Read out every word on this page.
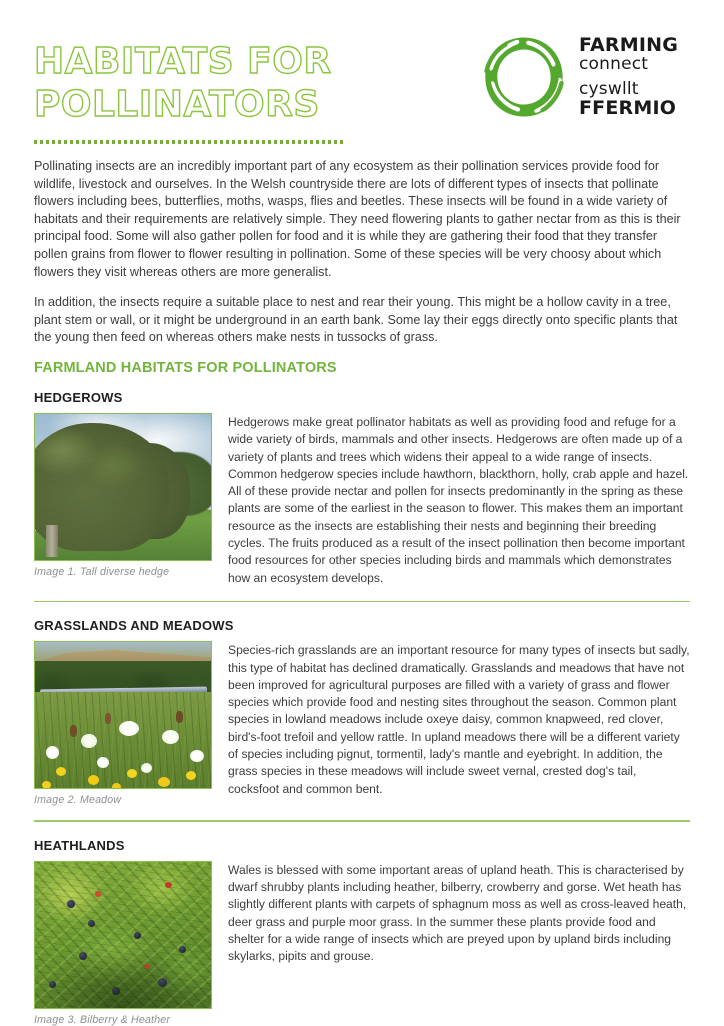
HABITATS FOR
POLLINATORS
FARMING
connect
cyswllt
FFERMIO

Pollinating insects are an incredibly important part of any ecosystem as their pollination services provide food for wildlife, livestock and ourselves. In the Welsh countryside there are lots of different types of insects that pollinate flowers including bees, butterflies, moths, wasps, flies and beetles. These insects will be found in a wide variety of habitats and their requirements are relatively simple. They need flowering plants to gather nectar from as this is their principal food. Some will also gather pollen for food and it is while they are gathering their food that they transfer pollen grains from flower to flower resulting in pollination. Some of these species will be very choosy about which flowers they visit whereas others are more generalist.

In addition, the insects require a suitable place to nest and rear their young. This might be a hollow cavity in a tree, plant stem or wall, or it might be underground in an earth bank. Some lay their eggs directly onto specific plants that the young then feed on whereas others make nests in tussocks of grass.

FARMLAND HABITATS FOR POLLINATORS
HEDGEROWS
Image 1. Tall diverse hedge
Hedgerows make great pollinator habitats as well as providing food and refuge for a wide variety of birds, mammals and other insects. Hedgerows are often made up of a variety of plants and trees which widens their appeal to a wide range of insects. Common hedgerow species include hawthorn, blackthorn, holly, crab apple and hazel. All of these provide nectar and pollen for insects predominantly in the spring as these plants are some of the earliest in the season to flower. This makes them an important resource as the insects are establishing their nests and beginning their breeding cycles. The fruits produced as a result of the insect pollination then become important food resources for other species including birds and mammals which demonstrates how an ecosystem develops.
GRASSLANDS AND MEADOWS
Image 2. Meadow
Species-rich grasslands are an important resource for many types of insects but sadly, this type of habitat has declined dramatically. Grasslands and meadows that have not been improved for agricultural purposes are filled with a variety of grass and flower species which provide food and nesting sites throughout the season. Common plant species in lowland meadows include oxeye daisy, common knapweed, red clover, bird's-foot trefoil and yellow rattle. In upland meadows there will be a different variety of species including pignut, tormentil, lady's mantle and eyebright. In addition, the grass species in these meadows will include sweet vernal, crested dog's tail, cocksfoot and common bent.
HEATHLANDS
Image 3. Bilberry & Heather
Wales is blessed with some important areas of upland heath. This is characterised by dwarf shrubby plants including heather, bilberry, crowberry and gorse. Wet heath has slightly different plants with carpets of sphagnum moss as well as cross-leaved heath, deer grass and purple moor grass. In the summer these plants provide food and shelter for a wide range of insects which are preyed upon by upland birds including skylarks, pipits and grouse.
